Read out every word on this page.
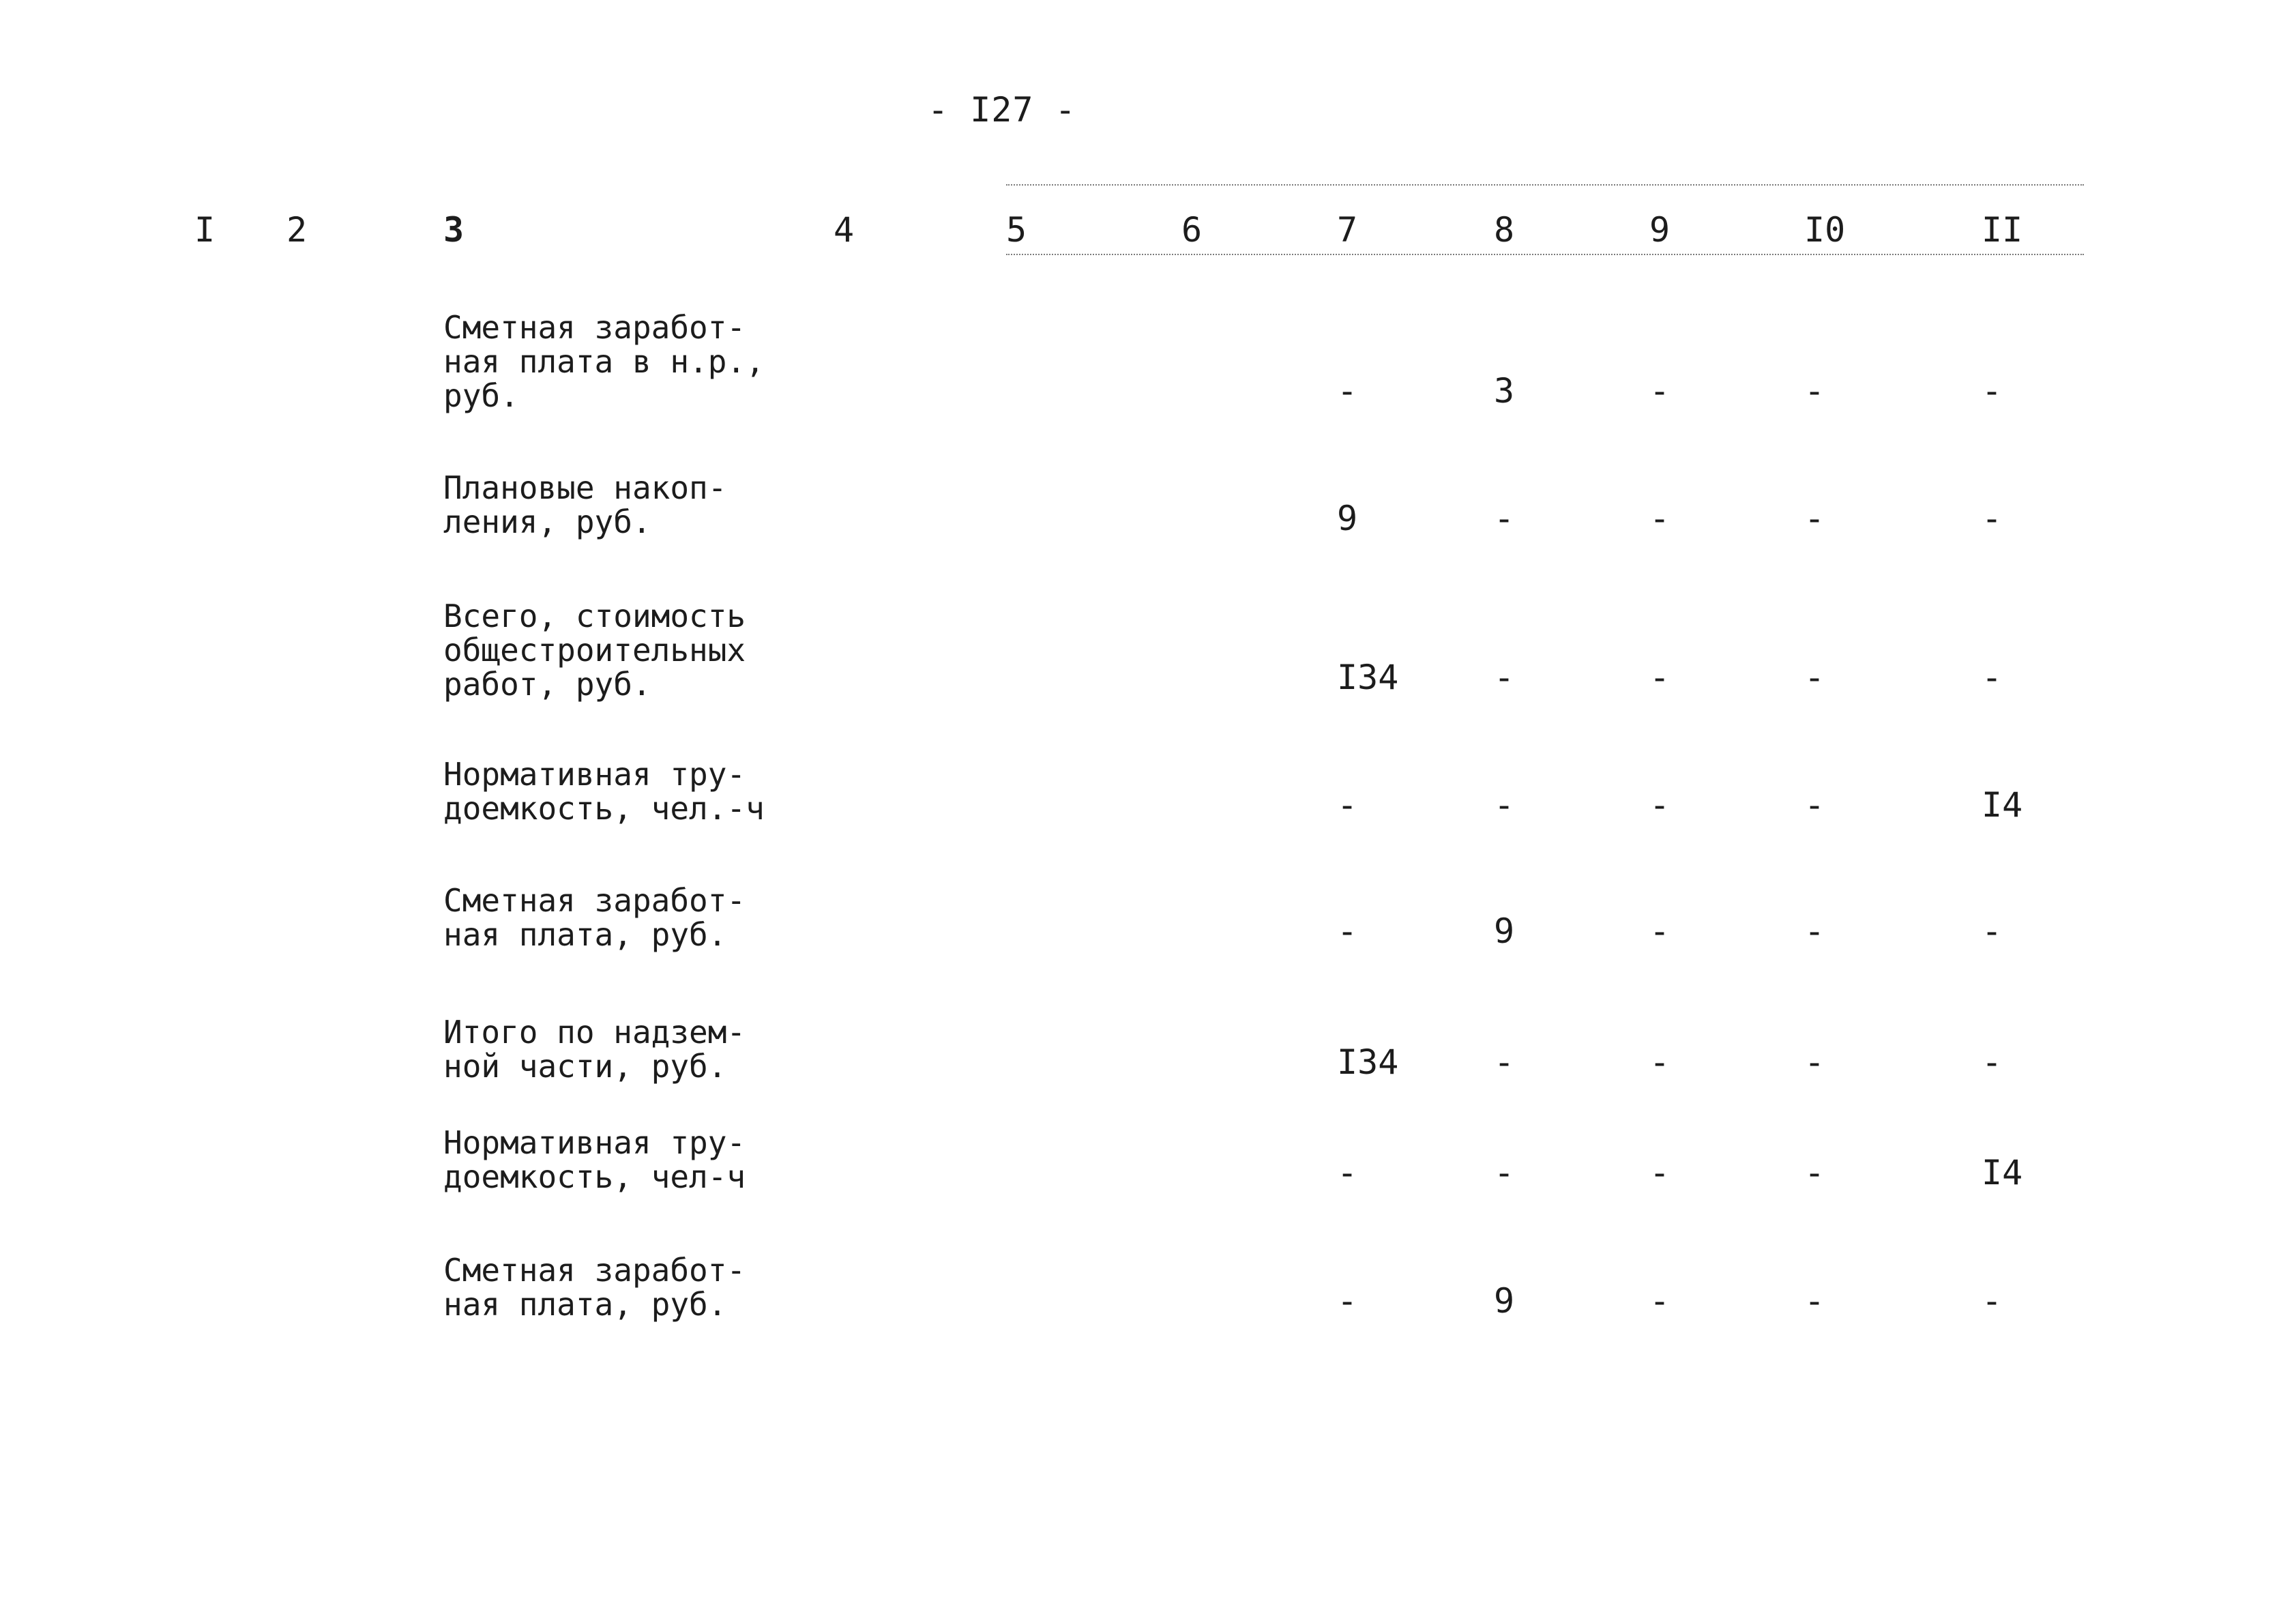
- I27 -
I 2	3	4	5	6	7	8	9	I0	II
Сметная заработ-
ная плата в н.р.,
руб.	-	3	-	-	-
Плановые накоп-
ления, руб.	9	-	-	-	-
Всего, стоимость
общестроительных
работ, руб.	I34	-	-	-	-
Нормативная тру-
доемкость, чел.-ч	-	-	-	-	I4
Сметная заработ-
ная плата, руб.	-	9	-	-	-
Итого по надзем-
ной части, руб.	I34	-	-	-	-
Нормативная тру-
доемкость, чел-ч	-	-	-	-	I4
Сметная заработ-
ная плата, руб.	-	9	-	-	-
